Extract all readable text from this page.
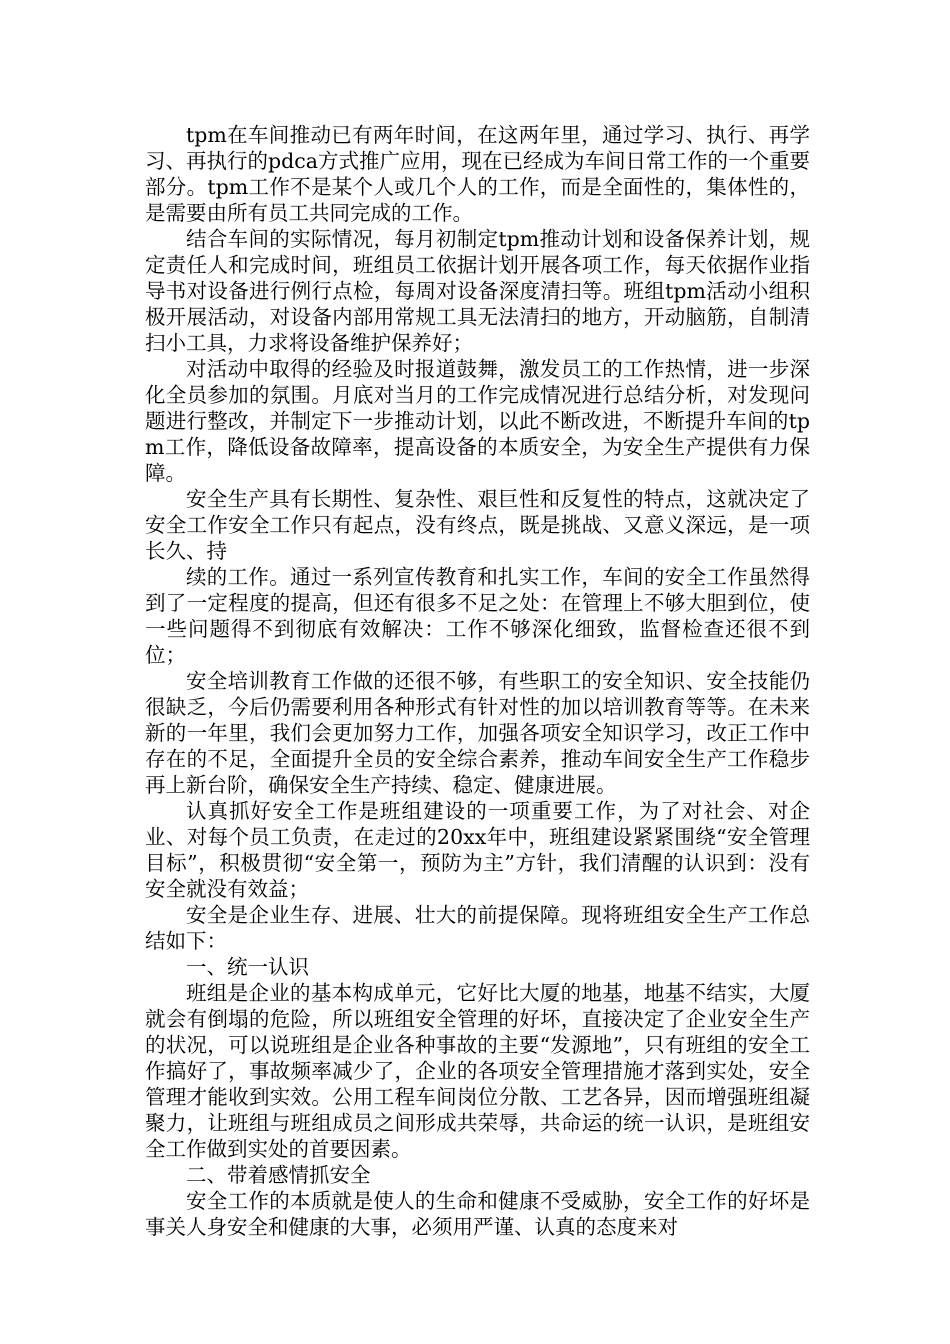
tpm在车间推动已有两年时间，在这两年里，通过学习、执行、再学习、再执行的pdca方式推广应用，现在已经成为车间日常工作的一个重要部分。tpm工作不是某个人或几个人的工作，而是全面性的，集体性的，是需要由所有员工共同完成的工作。

结合车间的实际情况，每月初制定tpm推动计划和设备保养计划，规定责任人和完成时间，班组员工依据计划开展各项工作，每天依据作业指导书对设备进行例行点检，每周对设备深度清扫等。班组tpm活动小组积极开展活动，对设备内部用常规工具无法清扫的地方，开动脑筋，自制清扫小工具，力求将设备维护保养好；

对活动中取得的经验及时报道鼓舞，激发员工的工作热情，进一步深化全员参加的氛围。月底对当月的工作完成情况进行总结分析，对发现问题进行整改，并制定下一步推动计划，以此不断改进，不断提升车间的tpm工作，降低设备故障率，提高设备的本质安全，为安全生产提供有力保障。

安全生产具有长期性、复杂性、艰巨性和反复性的特点，这就决定了安全工作安全工作只有起点，没有终点，既是挑战、又意义深远，是一项长久、持

续的工作。通过一系列宣传教育和扎实工作，车间的安全工作虽然得到了一定程度的提高，但还有很多不足之处：在管理上不够大胆到位，使一些问题得不到彻底有效解决：工作不够深化细致，监督检查还很不到位；

安全培训教育工作做的还很不够，有些职工的安全知识、安全技能仍很缺乏，今后仍需要利用各种形式有针对性的加以培训教育等等。在未来新的一年里，我们会更加努力工作，加强各项安全知识学习，改正工作中存在的不足，全面提升全员的安全综合素养，推动车间安全生产工作稳步再上新台阶，确保安全生产持续、稳定、健康进展。

认真抓好安全工作是班组建设的一项重要工作，为了对社会、对企业、对每个员工负责，在走过的20xx年中，班组建设紧紧围绕“安全管理目标”，积极贯彻“安全第一，预防为主”方针，我们清醒的认识到：没有安全就没有效益；

安全是企业生存、进展、壮大的前提保障。现将班组安全生产工作总结如下：

一、统一认识

班组是企业的基本构成单元，它好比大厦的地基，地基不结实，大厦就会有倒塌的危险，所以班组安全管理的好坏，直接决定了企业安全生产的状况，可以说班组是企业各种事故的主要“发源地”，只有班组的安全工作搞好了，事故频率减少了，企业的各项安全管理措施才落到实处，安全管理才能收到实效。公用工程车间岗位分散、工艺各异，因而增强班组凝聚力，让班组与班组成员之间形成共荣辱，共命运的统一认识，是班组安全工作做到实处的首要因素。

二、带着感情抓安全

安全工作的本质就是使人的生命和健康不受威胁，安全工作的好坏是事关人身安全和健康的大事，必须用严谨、认真的态度来对
